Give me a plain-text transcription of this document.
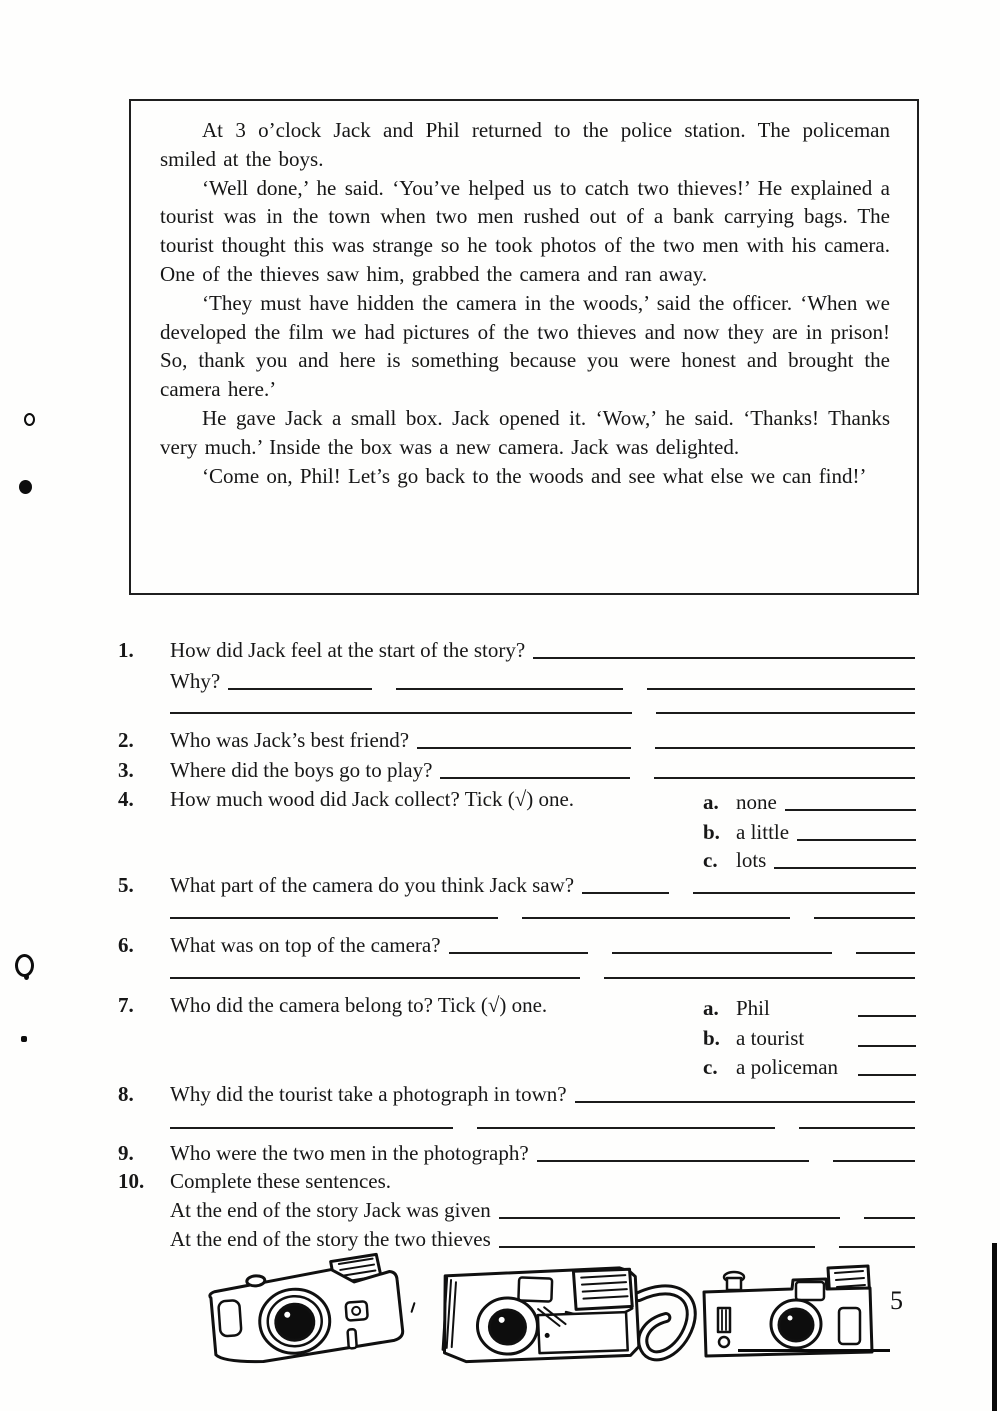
At 3 o’clock Jack and Phil returned to the police station. The policeman smiled at the boys.

‘Well done,’ he said. ‘You’ve helped us to catch two thieves!’ He explained a tourist was in the town when two men rushed out of a bank carrying bags. The tourist thought this was strange so he took photos of the two men with his camera. One of the thieves saw him, grabbed the camera and ran away.

‘They must have hidden the camera in the woods,’ said the officer. ‘When we developed the film we had pictures of the two thieves and now they are in prison! So, thank you and here is something because you were honest and brought the camera here.’

He gave Jack a small box. Jack opened it. ‘Wow,’ he said. ‘Thanks! Thanks very much.’ Inside the box was a new camera. Jack was delighted.

‘Come on, Phil! Let’s go back to the woods and see what else we can find!’

1.	How did Jack feel at the start of the story?
Why?
2.	Who was Jack’s best friend?
3.	Where did the boys go to play?
4.	How much wood did Jack collect? Tick (√) one.	a. none
b. a little
c. lots
5.	What part of the camera do you think Jack saw?
6.	What was on top of the camera?
7.	Who did the camera belong to? Tick (√) one.	a. Phil
b. a tourist
c. a policeman
8.	Why did the tourist take a photograph in town?
9.	Who were the two men in the photograph?
10.	Complete these sentences.
At the end of the story Jack was given
At the end of the story the two thieves
5
